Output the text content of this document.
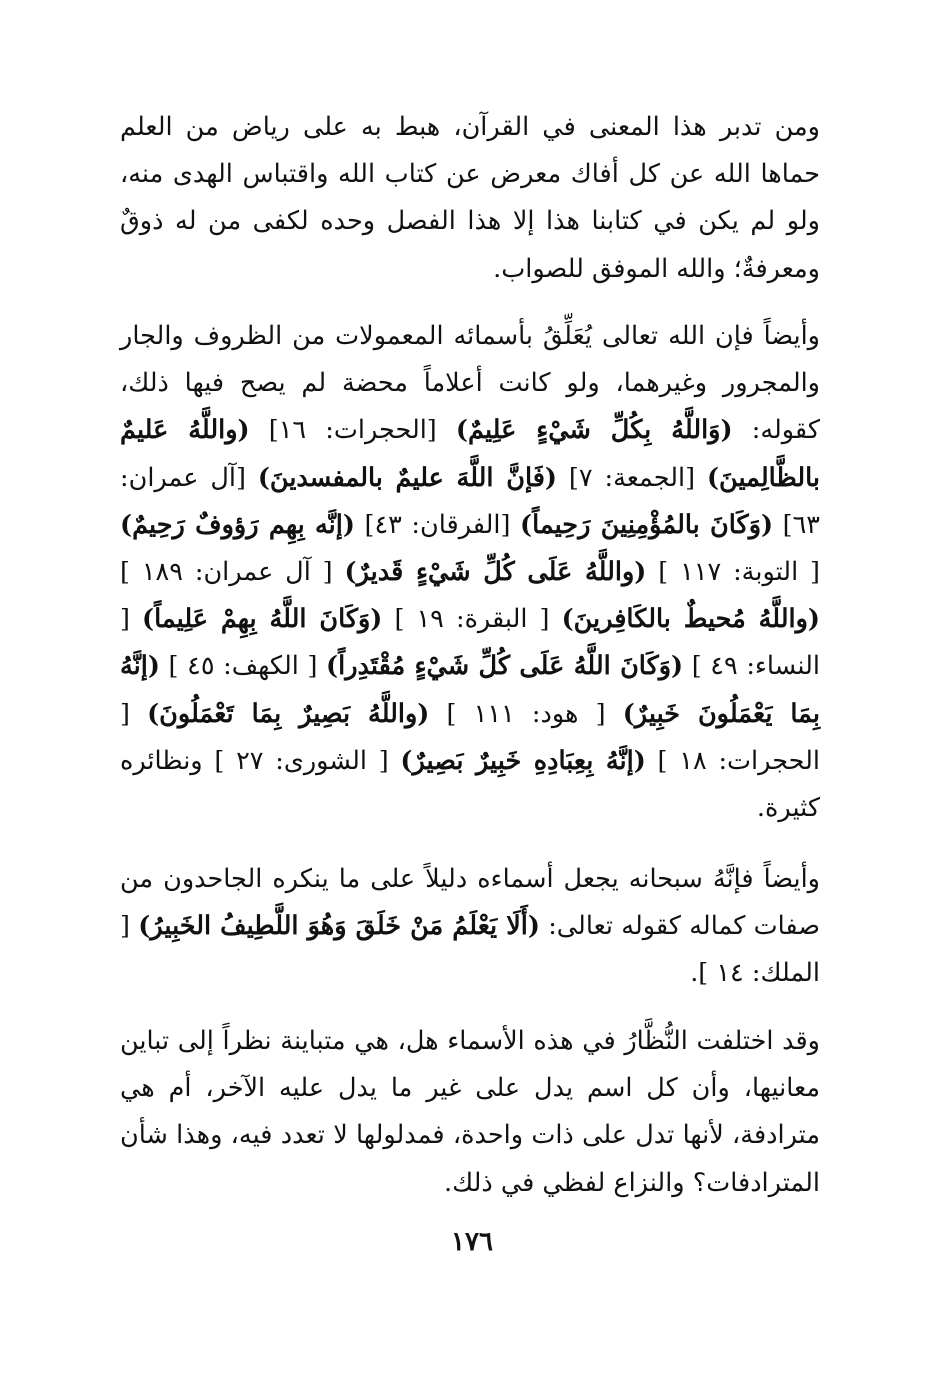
ومن تدبر هذا المعنى في القرآن، هبط به على رياض من العلم حماها الله عن كل أفاك معرض عن كتاب الله واقتباس الهدى منه، ولو لم يكن في كتابنا هذا إلا هذا الفصل وحده لكفى من له ذوقٌ ومعرفةٌ؛ والله الموفق للصواب.

وأيضاً فإن الله تعالى يُعَلِّقُ بأسمائه المعمولات من الظروف والجار والمجرور وغيرهما، ولو كانت أعلاماً محضة لم يصح فيها ذلك، كقوله: (وَاللَّهُ بِكُلِّ شَيْءٍ عَلِيمٌ) [الحجرات: ١٦] (واللَّهُ عَليمٌ بالظَّالِمينَ) [الجمعة: ٧] (فَإنَّ اللَّهَ عليمٌ بالمفسدينَ) [آل عمران: ٦٣] (وَكَانَ بالمُؤْمِنِينَ رَحِيماً) [الفرقان: ٤٣] (إنَّه بِهِم رَؤوفٌ رَحِيمٌ) [ التوبة: ١١٧ ] (واللَّهُ عَلَى كُلِّ شَيْءٍ قَديرٌ) [ آل عمران: ١٨٩ ] (واللَّهُ مُحيطٌ بالكَافِرينَ) [ البقرة: ١٩ ] (وَكَانَ اللَّهُ بِهِمْ عَلِيماً) [ النساء: ٤٩ ] (وَكَانَ اللَّهُ عَلَى كُلِّ شَيْءٍ مُقْتَدِراً) [ الكهف: ٤٥ ] (إنَّهُ بِمَا يَعْمَلُونَ خَبِيرٌ) [ هود: ١١١ ] (واللَّهُ بَصِيرٌ بِمَا تَعْمَلُونَ) [ الحجرات: ١٨ ] (إنَّهُ بِعِبَادِهِ خَبِيرٌ بَصِيرٌ) [ الشورى: ٢٧ ] ونظائره كثيرة.

وأيضاً فإنَّهُ سبحانه يجعل أسماءه دليلاً على ما ينكره الجاحدون من صفات كماله كقوله تعالى: (أَلَا يَعْلَمُ مَنْ خَلَقَ وَهُوَ اللَّطِيفُ الخَبِيرُ) [ الملك: ١٤ ].

وقد اختلفت النُّظَّارُ في هذه الأسماء هل، هي متباينة نظراً إلى تباين معانيها، وأن كل اسم يدل على غير ما يدل عليه الآخر، أم هي مترادفة، لأنها تدل على ذات واحدة، فمدلولها لا تعدد فيه، وهذا شأن المترادفات؟ والنزاع لفظي في ذلك.

١٧٦
